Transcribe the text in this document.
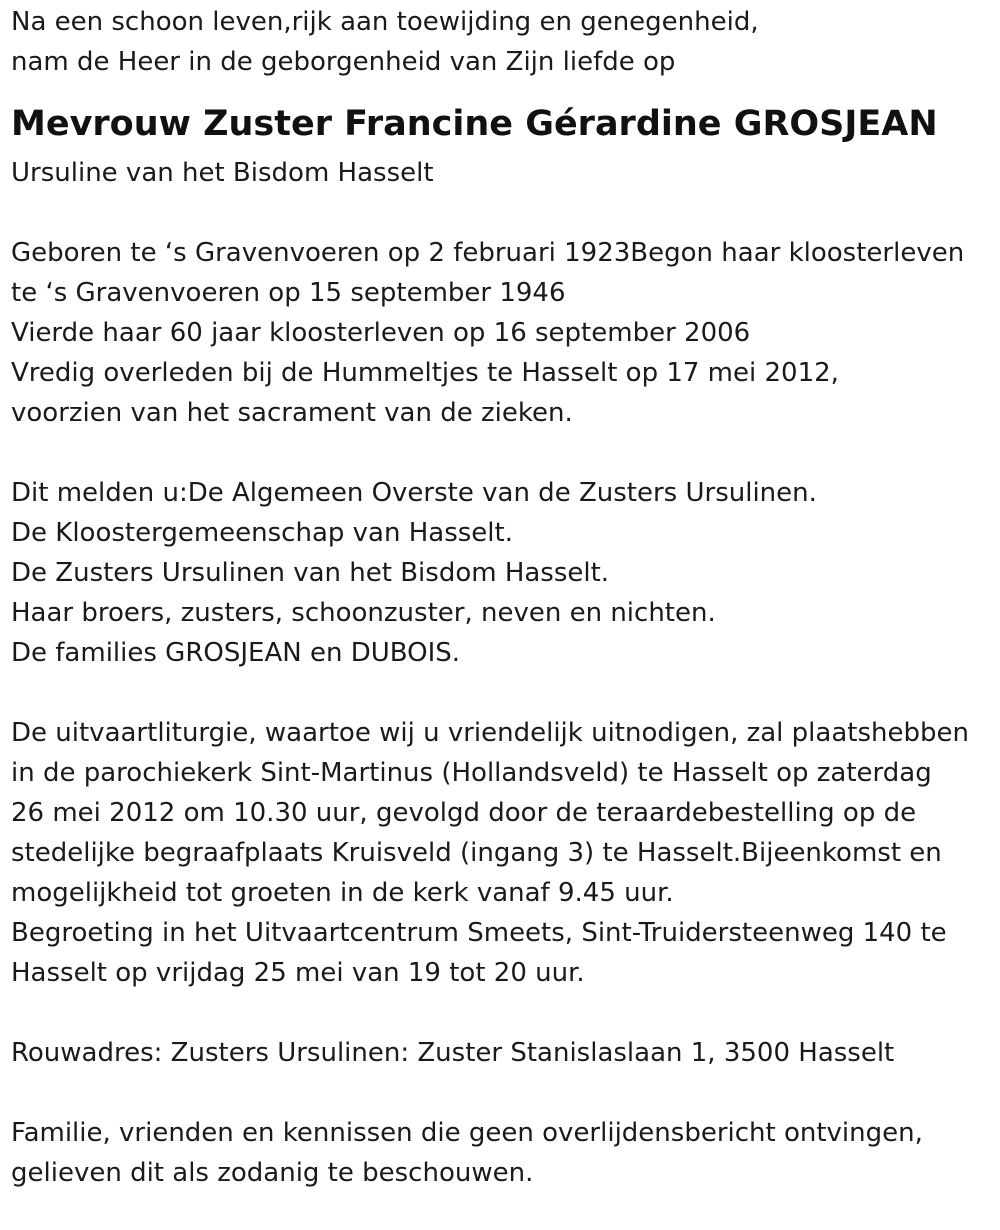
Na een schoon leven,rijk aan toewijding en genegenheid,
nam de Heer in de geborgenheid van Zijn liefde op
Mevrouw Zuster Francine Gérardine GROSJEAN
Ursuline van het Bisdom Hasselt
Geboren te ‘s Gravenvoeren op 2 februari 1923Begon haar kloosterleven
te ‘s Gravenvoeren op 15 september 1946
Vierde haar 60 jaar kloosterleven op 16 september 2006
Vredig overleden bij de Hummeltjes te Hasselt op 17 mei 2012,
voorzien van het sacrament van de zieken.
Dit melden u:De Algemeen Overste van de Zusters Ursulinen.
De Kloostergemeenschap van Hasselt.
De Zusters Ursulinen van het Bisdom Hasselt.
Haar broers, zusters, schoonzuster, neven en nichten.
De families GROSJEAN en DUBOIS.
De uitvaartliturgie, waartoe wij u vriendelijk uitnodigen, zal plaatshebben
in de parochiekerk Sint-Martinus (Hollandsveld) te Hasselt op zaterdag
26 mei 2012 om 10.30 uur, gevolgd door de teraardebestelling op de
stedelijke begraafplaats Kruisveld (ingang 3) te Hasselt.Bijeenkomst en
mogelijkheid tot groeten in de kerk vanaf 9.45 uur.
Begroeting in het Uitvaartcentrum Smeets, Sint-Truidersteenweg 140 te
Hasselt op vrijdag 25 mei van 19 tot 20 uur.
Rouwadres: Zusters Ursulinen: Zuster Stanislaslaan 1, 3500 Hasselt
Familie, vrienden en kennissen die geen overlijdensbericht ontvingen,
gelieven dit als zodanig te beschouwen.
